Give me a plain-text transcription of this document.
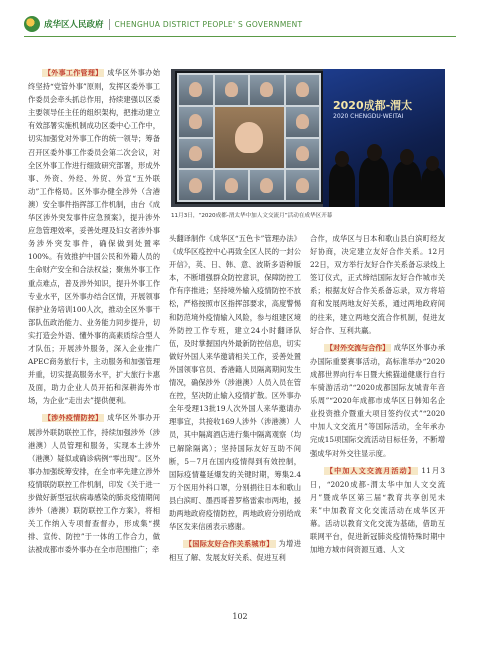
成华区人民政府 CHENGHUA DISTRICT PEOPLE' S GOVERNMENT

【外事工作管理】 成华区外事办始终坚持“党管外事”原则，发挥区委外事工作委员会牵头抓总作用，持续建强以区委主要领导任主任的组织架构，把推动建立有效部署实施机制成功区委中心工作中，切实加强党对外事工作的统一领导；筹备召开区委外事工作委员会第二次会议，对全区外事工作进行细致研究部署，形成外事、外资、外经、外贸、外宣“五外联动”工作格局。区外事办健全涉外（含港澳）安全事件指挥部工作机制，由台《成华区涉外突发事件应急预案》，提升涉外应急管理效率，妥善处理及妇女者涉外事务涉外突发事件，确保做到处置率100%。有效推护中国公民和外籍人员的生命财产安全和合法权益；聚焦外事工作重点难点，普及涉外知识，提升外事工作专业水平，区外事办结合区情，开展领事保护业务培训100人次，推动全区外事干部队伍政治能力、业务能力同步提升，切实打造会外语、懂外事的高素质综合型人才队伍；开展涉外服务，深入企业推广APEC商务旅行卡，主动服务和加强管理并重，切实提高服务水平，扩大旅行卡惠及面，助力企业人员开拓和深耕海外市场，为企业“走出去”提供便利。

【涉外疫情防控】 成华区外事办开展涉外联防联控工作，持续加强涉外（涉港澳）人员管理和服务，实现本土涉外（港澳）疑似或确诊病例“零出现”。区外事办加强统筹安排，在全市率先建立涉外疫情联防联控工作机制，印发《关于进一步做好新型冠状病毒感染的肺炎疫情期间涉外（港澳）联防联控工作方案》，将相关工作纳入专项督查督办，形成集“摸排、宣传、防控”于一体的工作合力，做法被成都市委外事办在全市范围推广；牵

2020成都-渭太
2020 CHENGDU·WEITAI
11月3日，“2020成都-渭太华中加人文交流月”活动在成华区开幕

头翻译制作《成华区“五色卡”管理办法》《成华区疫控中心再致全区人民的一封公开信》，英、日、韩、意、波斯多语种版本，不断增强群众防控意识，保障防控工作有序推进；坚持境外输入疫情防控不放松，严格按照市区指挥部要求，高度警惕和防范境外疫情输入风险，参与组建区境外防控工作专班，建立24小时翻译队伍，及时掌握国内外最新防控信息，切实做好外国人来华邀请相关工作，妥善处置外国领事官员、香港籍人员隔离期间发生情况，确保涉外（涉港澳）人员入员在管在控，坚决防止输入疫情扩散。区外事办全年受理13批19人次外国人来华邀请办理事宜，共接收169人涉外（涉港澳）人员，其中隔离酒店进行集中隔离观察（均已解除隔离）；坚持国际友好互助不间断，5－7月在国内疫情得到有效控制，国际疫情蔓延爆发的关键时期，筹集2.4万个医用外科口罩，分别捐往日本和歌山县白滨町、墨西哥普罗格雷索市两地，援助两地政府疫情防控，两地政府分别给成华区发来信函表示感谢。

【国际友好合作关系城市】 为增进相互了解、发展友好关系、促进互利

合作，成华区与日本和歌山县白滨町经友好协商，决定建立友好合作关系。12月22日，双方举行友好合作关系备忘录线上签订仪式，正式缔结国际友好合作城市关系；根据友好合作关系备忘录，双方将培育和发展两地友好关系，通过两地政府间的往来，建立两地交流合作机制，促进友好合作、互利共赢。

【对外交流与合作】 成华区外事办承办国际重要赛事活动，高标准举办“2020成都世界向行车日暨大熊猫道健康行自行车骑游活动”“2020成都国际友城青年音乐周”“2020年成都市成华区日韩知名企业投资推介暨重大项目签约仪式”“2020中加人文交流月”等国际活动，全年承办完成15项国际交流活动目标任务，不断增强成华对外交往显示度。

【中加人文交流月活动】 11月3日，“2020成都-渭太华中加人文交流月”暨成华区第三届“教育共享创见未来”中加教育文化交流活动在成华区开幕。活动以教育文化交流为基础，借助互联网平台，促进新冠肺炎疫情特殊时期中加地方城市间资源互通、人文

102
